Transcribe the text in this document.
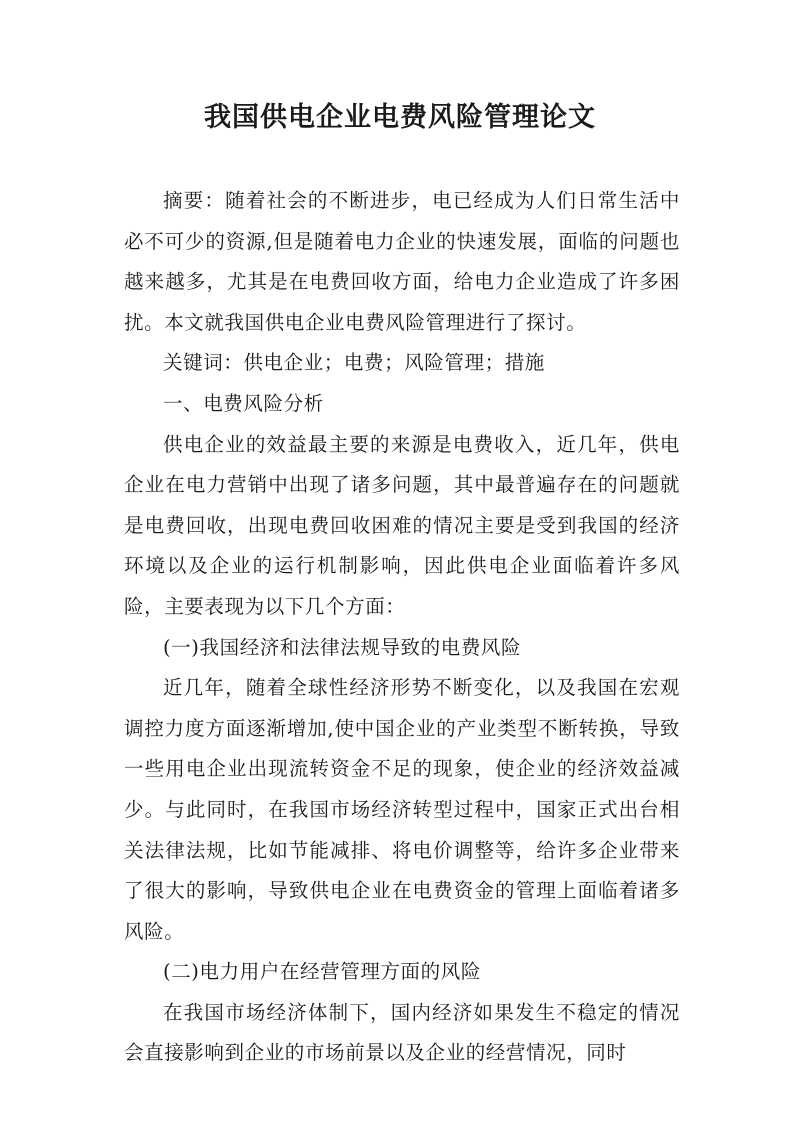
我国供电企业电费风险管理论文

摘要：随着社会的不断进步，电已经成为人们日常生活中必不可少的资源,但是随着电力企业的快速发展，面临的问题也越来越多，尤其是在电费回收方面，给电力企业造成了许多困扰。本文就我国供电企业电费风险管理进行了探讨。

关键词：供电企业；电费；风险管理；措施

一、电费风险分析

供电企业的效益最主要的来源是电费收入，近几年，供电企业在电力营销中出现了诸多问题，其中最普遍存在的问题就是电费回收，出现电费回收困难的情况主要是受到我国的经济环境以及企业的运行机制影响，因此供电企业面临着许多风险，主要表现为以下几个方面：

(一)我国经济和法律法规导致的电费风险

近几年，随着全球性经济形势不断变化，以及我国在宏观调控力度方面逐渐增加,使中国企业的产业类型不断转换，导致一些用电企业出现流转资金不足的现象，使企业的经济效益减少。与此同时，在我国市场经济转型过程中，国家正式出台相关法律法规，比如节能减排、将电价调整等，给许多企业带来了很大的影响，导致供电企业在电费资金的管理上面临着诸多风险。

(二)电力用户在经营管理方面的风险

在我国市场经济体制下，国内经济如果发生不稳定的情况会直接影响到企业的市场前景以及企业的经营情况，同时
